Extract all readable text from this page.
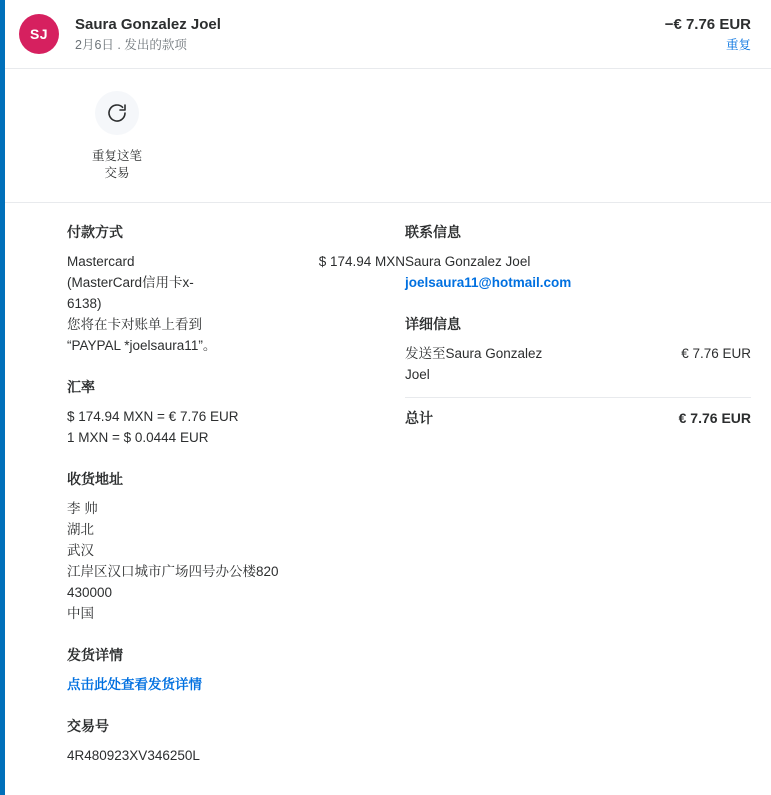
SJ
Saura Gonzalez Joel
2月6日 . 发出的款项
−€ 7.76 EUR
重复
重复这笔
交易
付款方式
Mastercard
(MasterCard信用卡x-
6138)
$ 174.94 MXN
您将在卡对账单上看到
“PAYPAL *joelsaura11”。
汇率
$ 174.94 MXN = € 7.76 EUR
1 MXN = $ 0.0444 EUR
收货地址
李 帅
湖北
武汉
江岸区汉口城市广场四号办公楼820
430000
中国
发货详情
点击此处查看发货详情
交易号
4R480923XV346250L
联系信息
Saura Gonzalez Joel
joelsaura11@hotmail.com
详细信息
发送至Saura Gonzalez
Joel
€ 7.76 EUR
总计	€ 7.76 EUR
